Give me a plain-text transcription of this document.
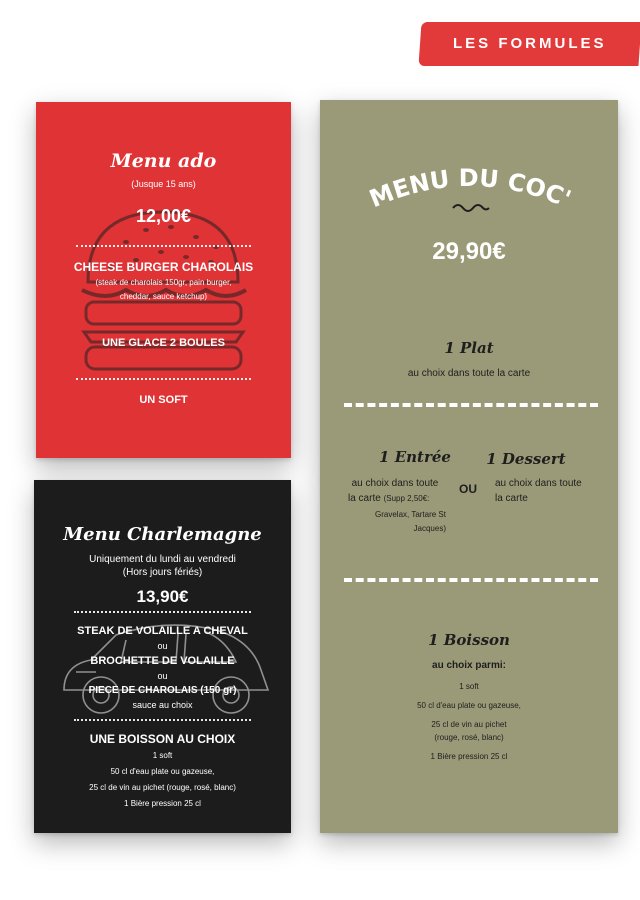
LES FORMULES
Menu ado
(Jusque 15 ans)
12,00€
CHEESE BURGER CHAROLAIS
(steak de charolais 150gr, pain burger,
cheddar, sauce ketchup)
UNE GLACE 2 BOULES
UN SOFT
Menu Charlemagne
Uniquement du lundi au vendredi
(Hors jours fériés)
13,90€
STEAK DE VOLAILLE A CHEVAL
ou
BROCHETTE DE VOLAILLE
ou
PIECE DE CHAROLAIS (150 gr)
sauce au choix
UNE BOISSON AU CHOIX
1 soft
50 cl d'eau plate ou gazeuse,
25 cl de vin au pichet (rouge, rosé, blanc)
1 Bière pression 25 cl
MENU DU COC'
29,90€
1 Plat
au choix dans toute la carte
1 Entrée	1 Dessert
au choix dans toute
la carte (Supp 2,50€:
Gravelax, Tartare St
Jacques)
OU	au choix dans toute
la carte
1 Boisson
au choix parmi:
1 soft
50 cl d'eau plate ou gazeuse,
25 cl de vin au pichet
(rouge, rosé, blanc)
1 Bière pression 25 cl
